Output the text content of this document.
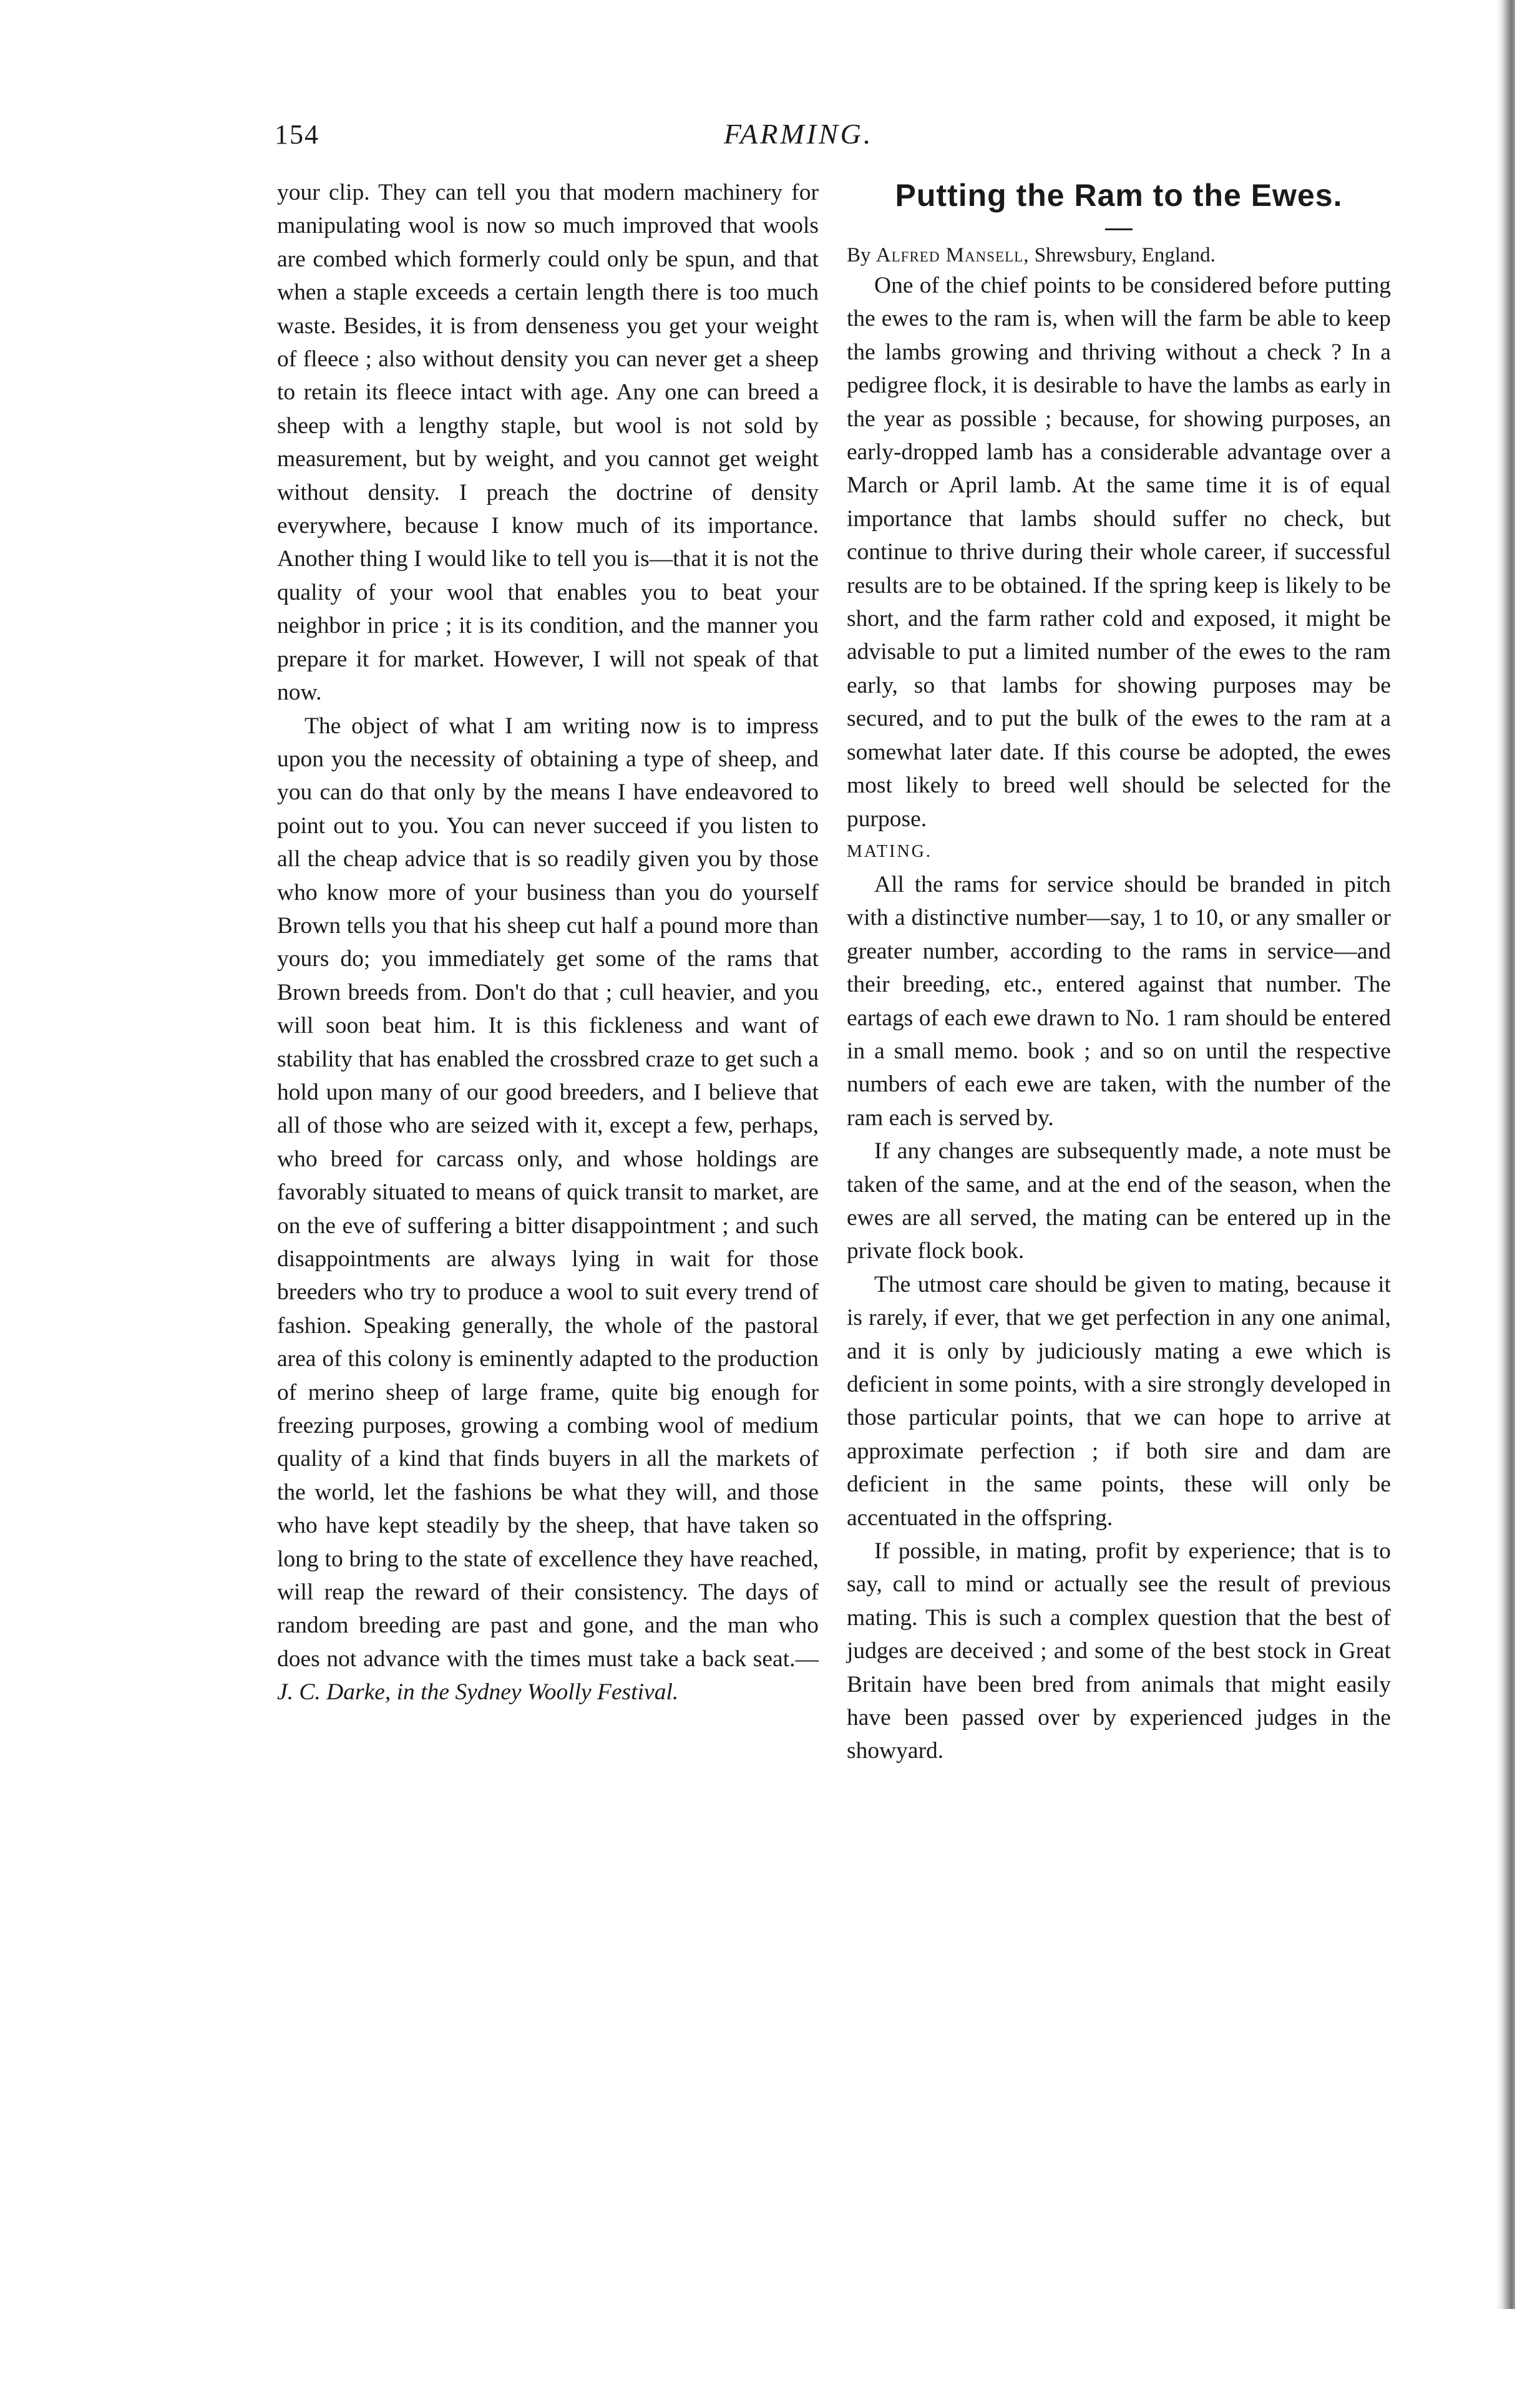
154	FARMING.

your clip. They can tell you that modern machinery for manipulating wool is now so much improved that wools are combed which formerly could only be spun, and that when a staple exceeds a certain length there is too much waste. Besides, it is from denseness you get your weight of fleece ; also without density you can never get a sheep to retain its fleece intact with age. Any one can breed a sheep with a lengthy staple, but wool is not sold by measurement, but by weight, and you cannot get weight without density. I preach the doctrine of density everywhere, because I know much of its importance. Another thing I would like to tell you is—that it is not the quality of your wool that enables you to beat your neighbor in price ; it is its condition, and the manner you prepare it for market. However, I will not speak of that now.

The object of what I am writing now is to impress upon you the necessity of obtaining a type of sheep, and you can do that only by the means I have endeavored to point out to you. You can never succeed if you listen to all the cheap advice that is so readily given you by those who know more of your business than you do yourself Brown tells you that his sheep cut half a pound more than yours do; you immediately get some of the rams that Brown breeds from. Don't do that ; cull heavier, and you will soon beat him. It is this fickleness and want of stability that has enabled the crossbred craze to get such a hold upon many of our good breeders, and I believe that all of those who are seized with it, except a few, perhaps, who breed for carcass only, and whose holdings are favorably situated to means of quick transit to market, are on the eve of suffering a bitter disappointment ; and such disappointments are always lying in wait for those breeders who try to produce a wool to suit every trend of fashion. Speaking generally, the whole of the pastoral area of this colony is eminently adapted to the production of merino sheep of large frame, quite big enough for freezing purposes, growing a combing wool of medium quality of a kind that finds buyers in all the markets of the world, let the fashions be what they will, and those who have kept steadily by the sheep, that have taken so long to bring to the state of excellence they have reached, will reap the reward of their consistency. The days of random breeding are past and gone, and the man who does not advance with the times must take a back seat.—J. C. Darke, in the Sydney Woolly Festival.

Putting the Ram to the Ewes.

By Alfred Mansell, Shrewsbury, England.

One of the chief points to be considered before putting the ewes to the ram is, when will the farm be able to keep the lambs growing and thriving without a check ? In a pedigree flock, it is desirable to have the lambs as early in the year as possible ; because, for showing purposes, an early-dropped lamb has a considerable advantage over a March or April lamb. At the same time it is of equal importance that lambs should suffer no check, but continue to thrive during their whole career, if successful results are to be obtained. If the spring keep is likely to be short, and the farm rather cold and exposed, it might be advisable to put a limited number of the ewes to the ram early, so that lambs for showing purposes may be secured, and to put the bulk of the ewes to the ram at a somewhat later date. If this course be adopted, the ewes most likely to breed well should be selected for the purpose.

MATING.

All the rams for service should be branded in pitch with a distinctive number—say, 1 to 10, or any smaller or greater number, according to the rams in service—and their breeding, etc., entered against that number. The eartags of each ewe drawn to No. 1 ram should be entered in a small memo. book ; and so on until the respective numbers of each ewe are taken, with the number of the ram each is served by.

If any changes are subsequently made, a note must be taken of the same, and at the end of the season, when the ewes are all served, the mating can be entered up in the private flock book.

The utmost care should be given to mating, because it is rarely, if ever, that we get perfection in any one animal, and it is only by judiciously mating a ewe which is deficient in some points, with a sire strongly developed in those particular points, that we can hope to arrive at approximate perfection ; if both sire and dam are deficient in the same points, these will only be accentuated in the offspring.

If possible, in mating, profit by experience; that is to say, call to mind or actually see the result of previous mating. This is such a complex question that the best of judges are deceived ; and some of the best stock in Great Britain have been bred from animals that might easily have been passed over by experienced judges in the showyard.
